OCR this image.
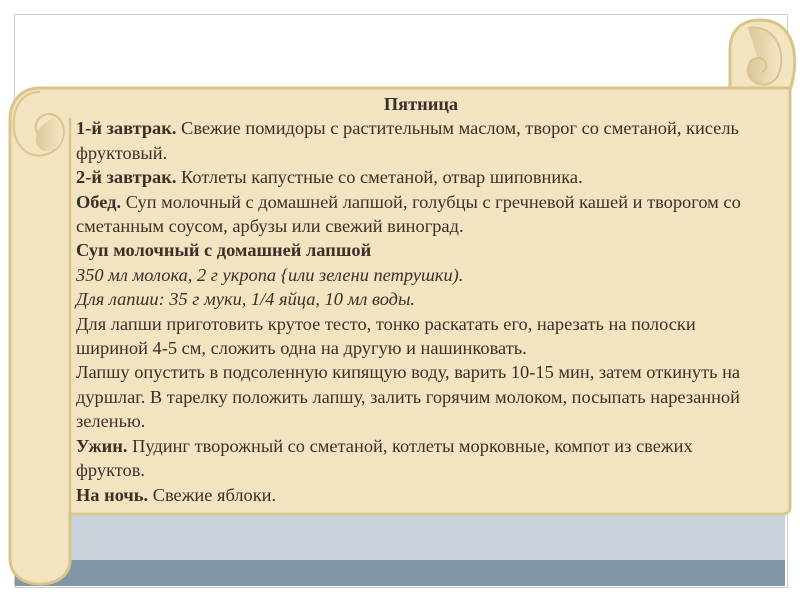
Пятница

1-й завтрак. Свежие помидоры с растительным маслом, творог со сметаной, кисель фруктовый.

2-й завтрак. Котлеты капустные со сметаной, отвар шиповника.

Обед. Суп молочный с домашней лапшой, голубцы с гречневой кашей и творогом со сметанным соусом, арбузы или свежий виноград.

Суп молочный с домашней лапшой

350 мл молока, 2 г укропа {или зелени петрушки).

Для лапши: 35 г муки, 1/4 яйца, 10 мл воды.

Для лапши приготовить крутое тесто, тонко раскатать его, нарезать на полоски шириной 4-5 см, сложить одна на другую и нашинковать.

Лапшу опустить в подсоленную кипящую воду, варить 10-15 мин, затем откинуть на дуршлаг. В тарелку положить лапшу, залить горячим молоком, посыпать нарезанной зеленью.

Ужин. Пудинг творожный со сметаной, котлеты морковные, компот из свежих фруктов.

На ночь. Свежие яблоки.
